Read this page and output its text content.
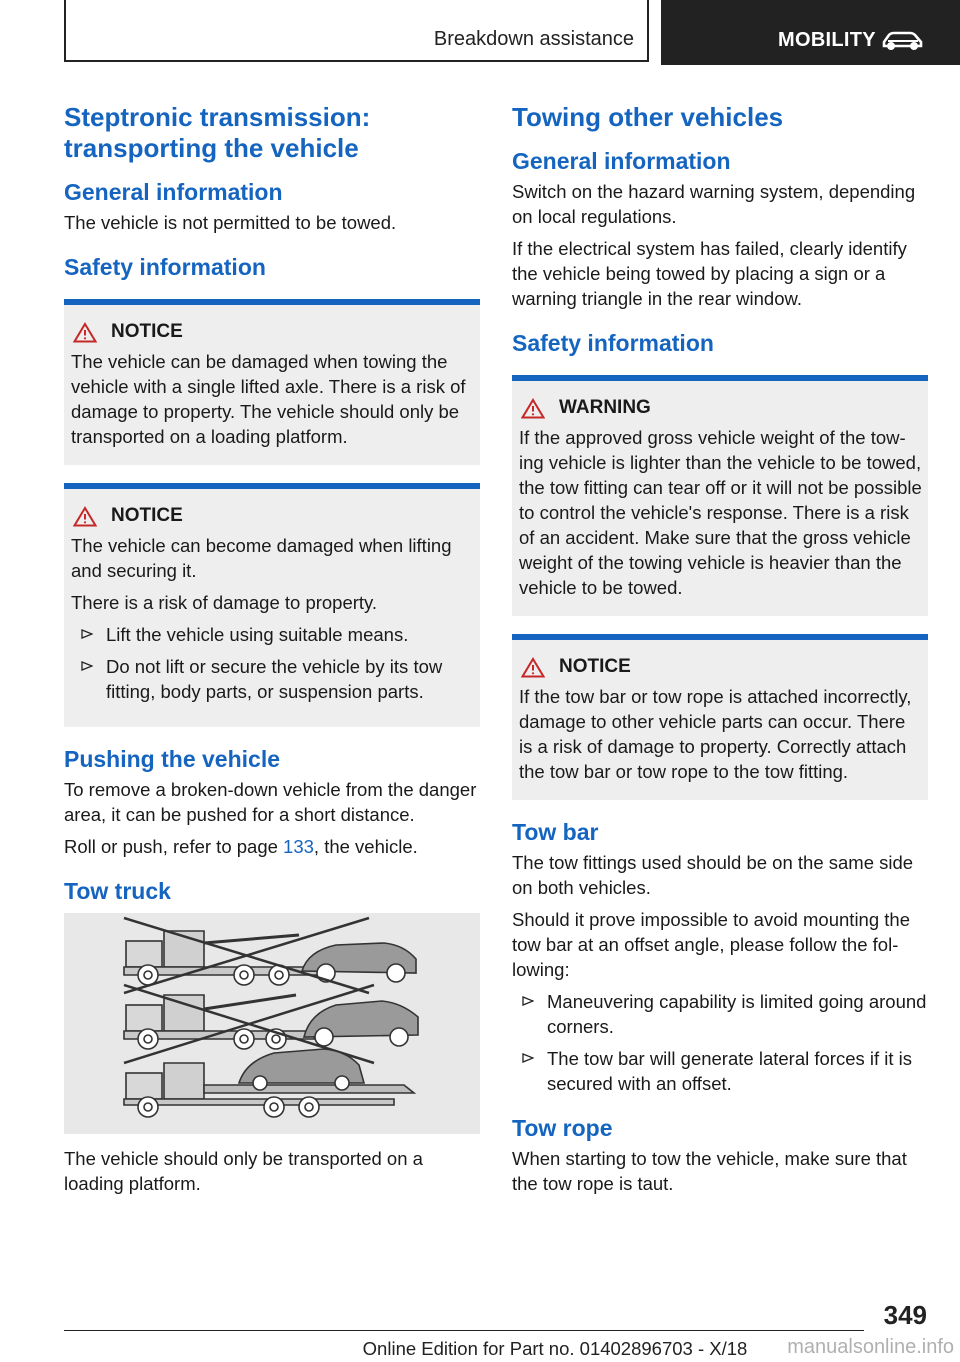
Breakdown assistance	MOBILITY
Steptronic transmission: transporting the vehicle
General information

The vehicle is not permitted to be towed.

Safety information
NOTICE

The vehicle can be damaged when towing the vehicle with a single lifted axle. There is a risk of damage to property. The vehicle should only be transported on a loading platform.

NOTICE

The vehicle can become damaged when lifting and securing it.

There is a risk of damage to property.

Lift the vehicle using suitable means.
Do not lift or secure the vehicle by its tow fitting, body parts, or suspension parts.
Pushing the vehicle

To remove a broken-down vehicle from the danger area, it can be pushed for a short distance.

Roll or push, refer to page 133, the vehicle.

Tow truck

The vehicle should only be transported on a loading platform.

Towing other vehicles
General information

Switch on the hazard warning system, depending on local regulations.

If the electrical system has failed, clearly identify the vehicle being towed by placing a sign or a warning triangle in the rear window.

Safety information
WARNING

If the approved gross vehicle weight of the towing vehicle is lighter than the vehicle to be towed, the tow fitting can tear off or it will not be possible to control the vehicle's response. There is a risk of an accident. Make sure that the gross vehicle weight of the towing vehicle is heavier than the vehicle to be towed.

NOTICE

If the tow bar or tow rope is attached incorrectly, damage to other vehicle parts can occur. There is a risk of damage to property. Correctly attach the tow bar or tow rope to the tow fitting.

Tow bar

The tow fittings used should be on the same side on both vehicles.

Should it prove impossible to avoid mounting the tow bar at an offset angle, please follow the following:

Maneuvering capability is limited going around corners.
The tow bar will generate lateral forces if it is secured with an offset.
Tow rope

When starting to tow the vehicle, make sure that the tow rope is taut.

349
Online Edition for Part no. 01402896703 - X/18	manualsonline.info
